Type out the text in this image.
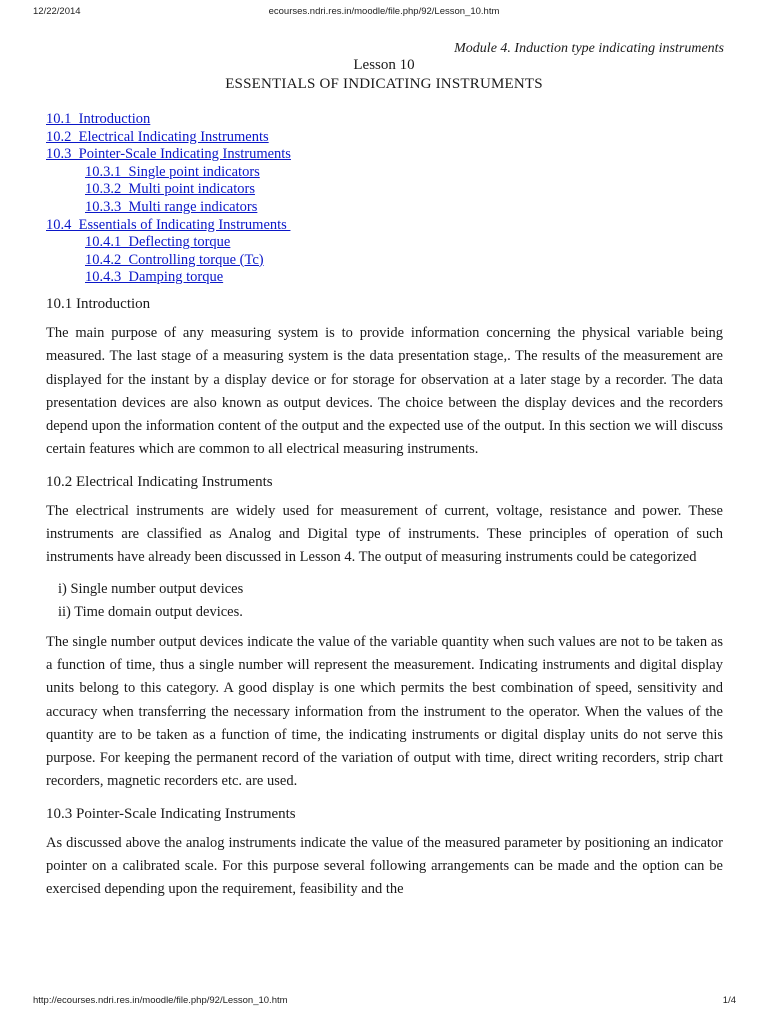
12/22/2014	ecourses.ndri.res.in/moodle/file.php/92/Lesson_10.htm
Module 4. Induction type indicating instruments
Lesson 10
ESSENTIALS OF INDICATING INSTRUMENTS
10.1  Introduction
10.2  Electrical Indicating Instruments
10.3  Pointer-Scale Indicating Instruments
10.3.1  Single point indicators
10.3.2  Multi point indicators
10.3.3  Multi range indicators
10.4  Essentials of Indicating Instruments
10.4.1  Deflecting torque
10.4.2  Controlling torque (Tc)
10.4.3  Damping torque
10.1 Introduction

The main purpose of any measuring system is to provide information concerning the physical variable being measured. The last stage of a measuring system is the data presentation stage,. The results of the measurement are displayed for the instant by a display device or for storage for observation at a later stage by a recorder. The data presentation devices are also known as output devices. The choice between the display devices and the recorders depend upon the information content of the output and the expected use of the output. In this section we will discuss certain features which are common to all electrical measuring instruments.

10.2 Electrical Indicating Instruments

The electrical instruments are widely used for measurement of current, voltage, resistance and power. These instruments are classified as Analog and Digital type of instruments. These principles of operation of such instruments have already been discussed in Lesson 4. The output of measuring instruments could be categorized

i) Single number output devices
ii) Time domain output devices.

The single number output devices indicate the value of the variable quantity when such values are not to be taken as a function of time, thus a single number will represent the measurement. Indicating instruments and digital display units belong to this category. A good display is one which permits the best combination of speed, sensitivity and accuracy when transferring the necessary information from the instrument to the operator. When the values of the quantity are to be taken as a function of time, the indicating instruments or digital display units do not serve this purpose. For keeping the permanent record of the variation of output with time, direct writing recorders, strip chart recorders, magnetic recorders etc. are used.

10.3 Pointer-Scale Indicating Instruments

As discussed above the analog instruments indicate the value of the measured parameter by positioning an indicator pointer on a calibrated scale. For this purpose several following arrangements can be made and the option can be exercised depending upon the requirement, feasibility and the

http://ecourses.ndri.res.in/moodle/file.php/92/Lesson_10.htm	1/4
